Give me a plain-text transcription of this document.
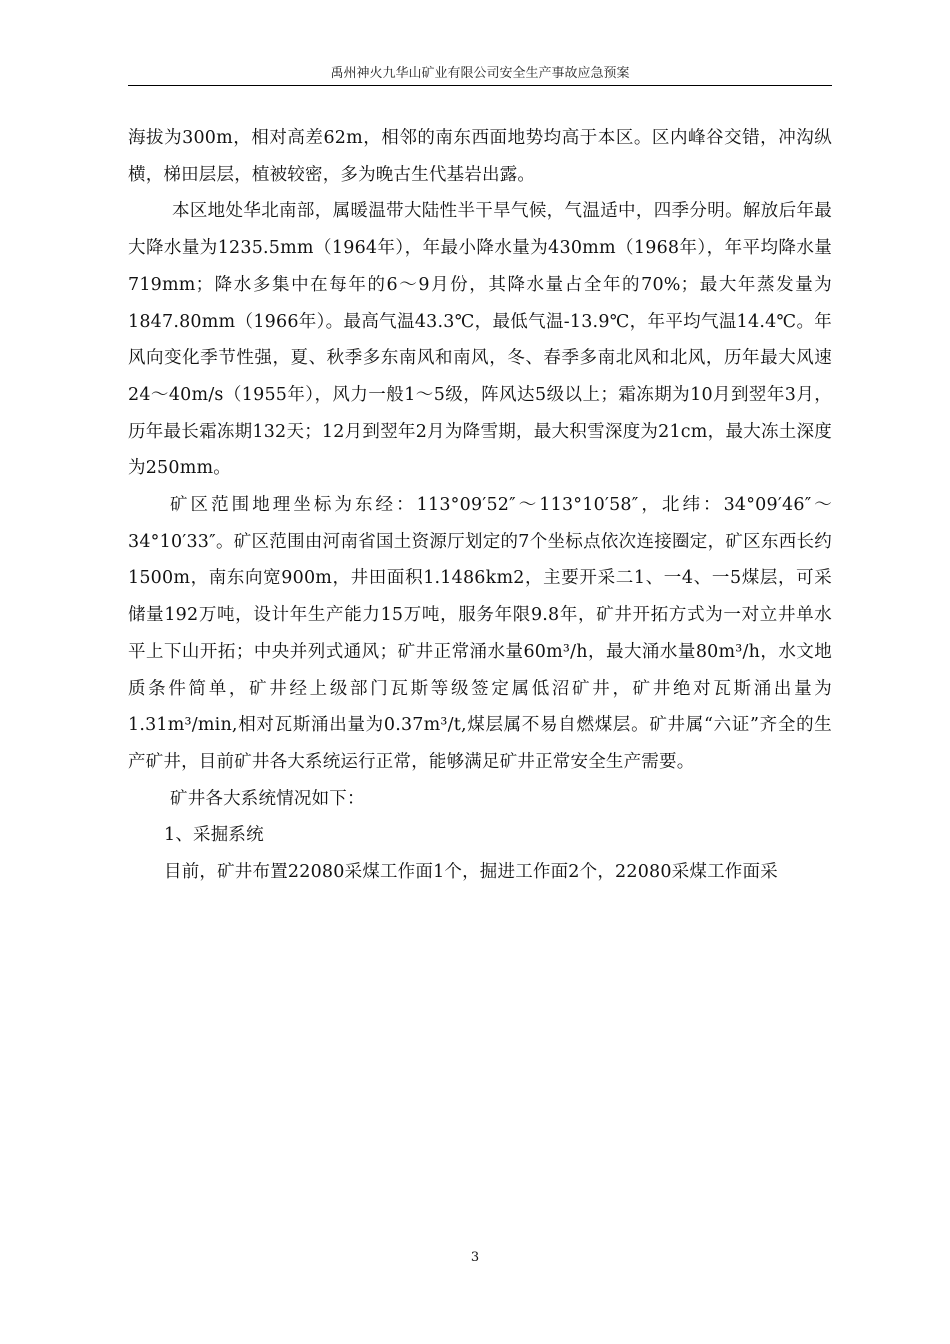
禹州神火九华山矿业有限公司安全生产事故应急预案

海拔为300m，相对高差62m，相邻的南东西面地势均高于本区。区内峰谷交错，冲沟纵横，梯田层层，植被较密，多为晚古生代基岩出露。

本区地处华北南部，属暖温带大陆性半干旱气候，气温适中，四季分明。解放后年最大降水量为1235.5mm（1964年），年最小降水量为430mm（1968年），年平均降水量719mm；降水多集中在每年的6～9月份，其降水量占全年的70%；最大年蒸发量为1847.80mm（1966年）。最高气温43.3℃，最低气温-13.9℃，年平均气温14.4℃。年风向变化季节性强，夏、秋季多东南风和南风，冬、春季多南北风和北风，历年最大风速24～40m/s（1955年），风力一般1～5级，阵风达5级以上；霜冻期为10月到翌年3月，历年最长霜冻期132天；12月到翌年2月为降雪期，最大积雪深度为21cm，最大冻土深度为250mm。

矿区范围地理坐标为东经：113°09′52″～113°10′58″，北纬：34°09′46″～34°10′33″。矿区范围由河南省国土资源厅划定的7个坐标点依次连接圈定，矿区东西长约1500m，南东向宽900m，井田面积1.1486km2，主要开采二1、一4、一5煤层，可采储量192万吨，设计年生产能力15万吨，服务年限9.8年，矿井开拓方式为一对立井单水平上下山开拓；中央并列式通风；矿井正常涌水量60m³/h，最大涌水量80m³/h，水文地质条件简单，矿井经上级部门瓦斯等级签定属低沼矿井，矿井绝对瓦斯涌出量为1.31m³/min,相对瓦斯涌出量为0.37m³/t,煤层属不易自燃煤层。矿井属“六证”齐全的生产矿井，目前矿井各大系统运行正常，能够满足矿井正常安全生产需要。

矿井各大系统情况如下：

1、采掘系统

目前，矿井布置22080采煤工作面1个，掘进工作面2个，22080采煤工作面采

3
